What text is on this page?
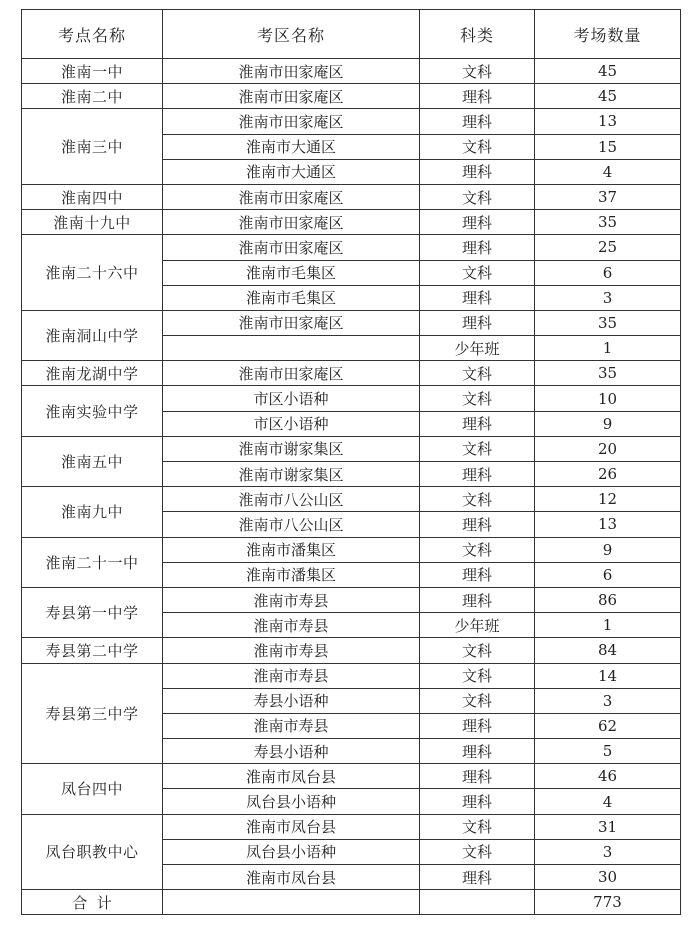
考点名称	考区名称	科类	考场数量
淮南一中	淮南市田家庵区	文科	45
淮南二中	淮南市田家庵区	理科	45
淮南三中	淮南市田家庵区	理科	13
	淮南市大通区	文科	15
	淮南市大通区	理科	4
淮南四中	淮南市田家庵区	文科	37
淮南十九中	淮南市田家庵区	理科	35
淮南二十六中	淮南市田家庵区	理科	25
	淮南市毛集区	文科	6
	淮南市毛集区	理科	3
淮南洞山中学	淮南市田家庵区	理科	35
		少年班	1
淮南龙湖中学	淮南市田家庵区	文科	35
淮南实验中学	市区小语种	文科	10
	市区小语种	理科	9
淮南五中	淮南市谢家集区	文科	20
	淮南市谢家集区	理科	26
淮南九中	淮南市八公山区	文科	12
	淮南市八公山区	理科	13
淮南二十一中	淮南市潘集区	文科	9
	淮南市潘集区	理科	6
寿县第一中学	淮南市寿县	理科	86
	淮南市寿县	少年班	1
寿县第二中学	淮南市寿县	文科	84
寿县第三中学	淮南市寿县	文科	14
	寿县小语种	文科	3
	淮南市寿县	理科	62
	寿县小语种	理科	5
凤台四中	淮南市凤台县	理科	46
	凤台县小语种	理科	4
凤台职教中心	淮南市凤台县	文科	31
	凤台县小语种	文科	3
	淮南市凤台县	理科	30
合  计			773
